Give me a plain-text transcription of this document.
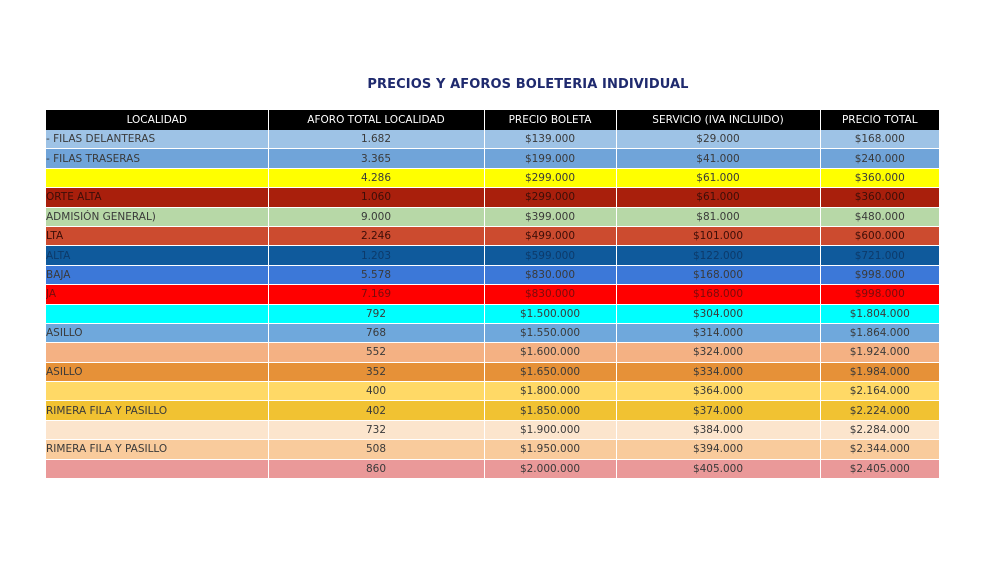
PRECIOS Y AFOROS BOLETERIA INDIVIDUAL
LOCALIDAD	AFORO TOTAL LOCALIDAD	PRECIO BOLETA	SERVICIO (IVA INCLUIDO)	PRECIO TOTAL
- FILAS DELANTERAS	1.682	$139.000	$29.000	$168.000
- FILAS TRASERAS	3.365	$199.000	$41.000	$240.000
	4.286	$299.000	$61.000	$360.000
ORTE ALTA	1.060	$299.000	$61.000	$360.000
ADMISIÓN GENERAL)	9.000	$399.000	$81.000	$480.000
LTA	2.246	$499.000	$101.000	$600.000
ALTA	1.203	$599.000	$122.000	$721.000
BAJA	5.578	$830.000	$168.000	$998.000
JA	7.169	$830.000	$168.000	$998.000
	792	$1.500.000	$304.000	$1.804.000
ASILLO	768	$1.550.000	$314.000	$1.864.000
	552	$1.600.000	$324.000	$1.924.000
ASILLO	352	$1.650.000	$334.000	$1.984.000
	400	$1.800.000	$364.000	$2.164.000
RIMERA FILA Y PASILLO	402	$1.850.000	$374.000	$2.224.000
	732	$1.900.000	$384.000	$2.284.000
RIMERA FILA Y PASILLO	508	$1.950.000	$394.000	$2.344.000
	860	$2.000.000	$405.000	$2.405.000
